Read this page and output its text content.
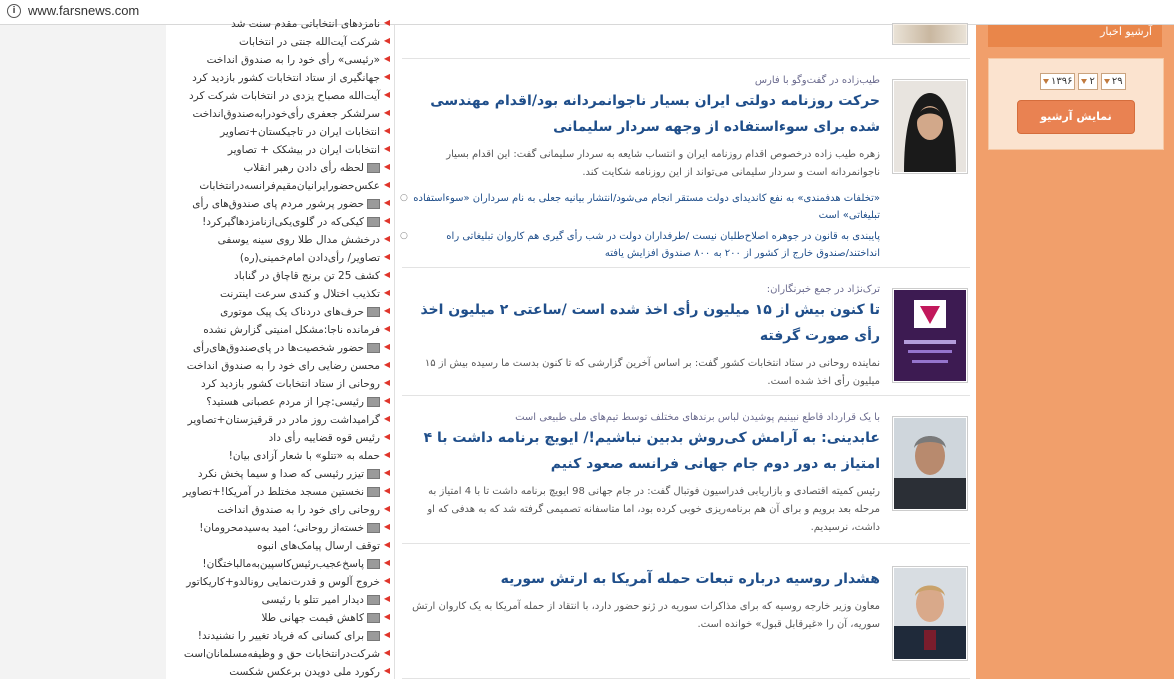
i www.farsnews.com
◀
نامزدهای انتخاباتی مقدم سنت شد
◀
شرکت آیت‌الله جنتی در انتخابات
◀
«رئیسی» رأی خود را به صندوق انداخت
◀
جهانگیری از ستاد انتخابات کشور بازدید کرد
◀
آیت‌الله مصباح یزدی در انتخابات شرکت کرد
◀
سرلشکر جعفری رأی‌خودرابه‌صندوق‌انداخت
◀
انتخابات ایران در تاجیکستان+تصاویر
◀
انتخابات ایران در بیشکک + تصاویر
◀
لحظه رأی دادن رهبر انقلاب
◀
عکس‌حضورایرانیان‌مقیم‌فرانسه‌درانتخابات
◀
حضور پرشور مردم پای صندوق‌های رأی
◀
کیکی‌که در گلوی‌یکی‌ازنامزدهاگیرکرد!
◀
درخشش مدال طلا روی سینه یوسفی
◀
تصاویر/ رأی‌دادن امام‌خمینی(ره)
◀
کشف 25 تن برنج قاچاق در گناباد
◀
تکذیب اختلال و کندی سرعت اینترنت
◀
حرف‌های دردناک یک پیک موتوری
◀
فرمانده ناجا:مشکل امنیتی گزارش نشده
◀
حضور شخصیت‌ها در پای‌صندوق‌های‌رأی
◀
محسن رضایی رای خود را به صندوق انداخت
◀
روحانی از ستاد انتخابات کشور بازدید کرد
◀
رئیسی:چرا از مردم عصبانی هستید؟
◀
گرامیداشت روز مادر در قرقیزستان+تصاویر
◀
رئیس قوه قضاییه رأی داد
◀
حمله به «تتلو» با شعار آزادی بیان!
◀
تیزر رئیسی که صدا و سیما پخش نکرد
◀
نخستین مسجد مختلط در آمریکا!+تصاویر
◀
روحانی رای خود را به صندوق انداخت
◀
خسته‌از روحانی؛ امید به‌سیدمحرومان!
◀
توقف ارسال پیامک‌های انبوه
◀
پاسخ‌عجیب‌رئیس‌کاسپین‌به‌مالباختگان!
◀
خروج آلوس و قدرت‌نمایی رونالدو+کاریکاتور
◀
دیدار امیر تتلو با رئیسی
◀
کاهش قیمت جهانی طلا
◀
برای کسانی که فریاد تغییر را نشنیدند!
◀
شرکت‌درانتخابات حق و وظیفه‌مسلمانان‌است
◀
رکورد ملی دویدن برعکس شکست
طیب‌زاده در گفت‌وگو با فارس
حرکت روزنامه دولتی ایران بسیار ناجوانمردانه بود/اقدام مهندسی شده برای سوءاستفاده از وجهه سردار سلیمانی
زهره طیب زاده درخصوص اقدام روزنامه ایران و انتساب شایعه به سردار سلیمانی گفت: این اقدام بسیار ناجوانمردانه است و سردار سلیمانی می‌تواند از این روزنامه شکایت کند.
○ «تخلفات هدفمندی» به نفع کاندیدای دولت مستقر انجام می‌شود/انتشار بیانیه جعلی به نام سرداران «سوءاستفاده تبلیغاتی» است
○	پایبندی به قانون در جوهره اصلاح‌طلبان نیست /طرفداران دولت در شب رأی گیری هم کاروان تبلیغاتی راه انداختند/صندوق خارج از کشور از ۲۰۰ به ۸۰۰ صندوق افزایش یافته
ترک‌نژاد در جمع خبرنگاران:
تا کنون بیش از ۱۵ میلیون رأی اخذ شده است /ساعتی ۲ میلیون اخذ رأی صورت گرفته
نماینده روحانی در ستاد انتخابات کشور گفت: بر اساس آخرین گزارشی که تا کنون بدست ما رسیده بیش از ۱۵ میلیون رأی اخذ شده است.
با یک قرارداد قاطع نبینیم پوشیدن لباس برندهای مختلف توسط تیم‌های ملی طبیعی است
عابدینی: به آرامش کی‌روش بدبین نباشیم!/ ایویچ برنامه داشت با ۴ امتیاز به دور دوم جام جهانی فرانسه صعود کنیم
رئیس کمیته اقتصادی و بازاریابی فدراسیون فوتبال گفت: در جام جهانی 98 ایویچ برنامه داشت تا با 4 امتیاز به مرحله بعد برویم و برای آن هم برنامه‌ریزی خوبی کرده بود، اما متاسفانه تصمیمی گرفته شد که به هدفی که او داشت، نرسیدیم.
هشدار روسیه درباره تبعات حمله آمریکا به ارتش سوریه
معاون وزیر خارجه روسیه که برای مذاکرات سوریه در ژنو حضور دارد، با انتقاد از حمله آمریکا به یک کاروان ارتش سوریه، آن را «غیرقابل قبول» خوانده است.
آرشیو اخبار
۱۳۹۶ ۲ ۲۹
نمایش آرشیو
